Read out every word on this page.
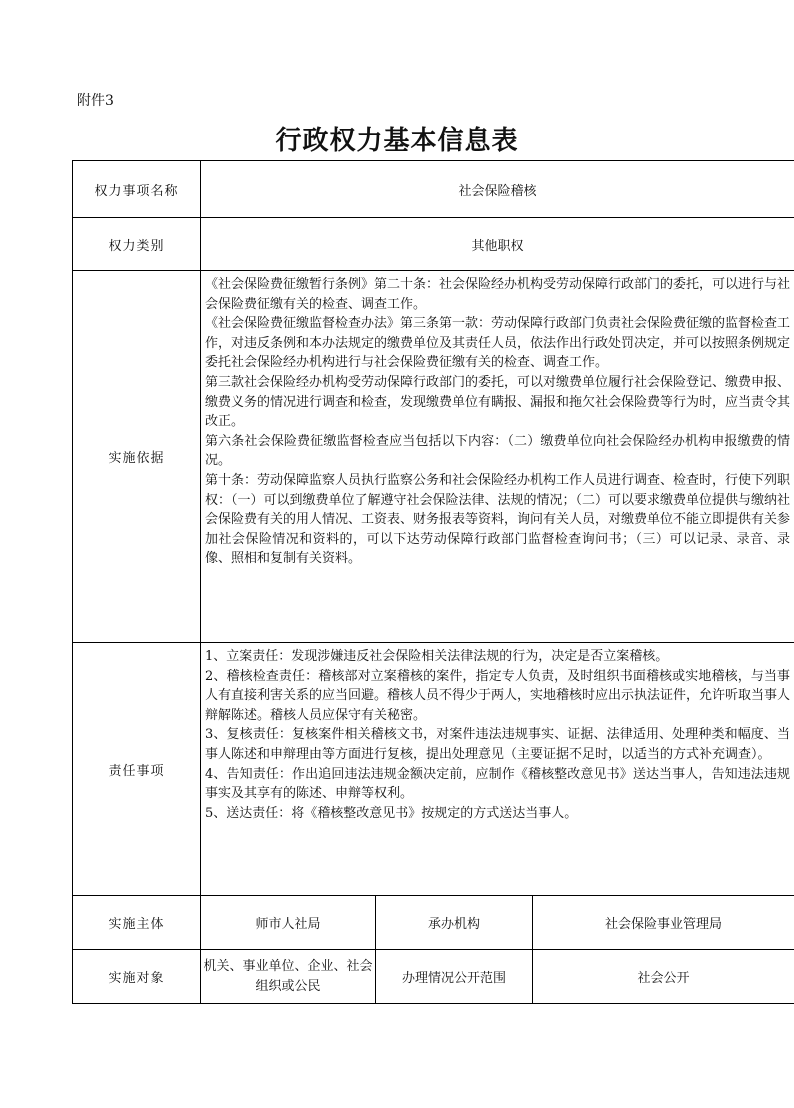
附件3
行政权力基本信息表
权力事项名称	社会保险稽核		
权力类别	其他职权		
实施依据	《社会保险费征缴暂行条例》第二十条：社会保险经办机构受劳动保障行政部门的委托，可以进行与社会保险费征缴有关的检查、调查工作。
《社会保险费征缴监督检查办法》第三条第一款：劳动保障行政部门负责社会保险费征缴的监督检查工作，对违反条例和本办法规定的缴费单位及其责任人员，依法作出行政处罚决定，并可以按照条例规定委托社会保险经办机构进行与社会保险费征缴有关的检查、调查工作。
第三款社会保险经办机构受劳动保障行政部门的委托，可以对缴费单位履行社会保险登记、缴费申报、缴费义务的情况进行调查和检查，发现缴费单位有瞒报、漏报和拖欠社会保险费等行为时，应当责令其改正。
第六条社会保险费征缴监督检查应当包括以下内容：（二）缴费单位向社会保险经办机构申报缴费的情况。
第十条：劳动保障监察人员执行监察公务和社会保险经办机构工作人员进行调查、检查时，行使下列职权：（一）可以到缴费单位了解遵守社会保险法律、法规的情况；（二）可以要求缴费单位提供与缴纳社会保险费有关的用人情况、工资表、财务报表等资料，询问有关人员，对缴费单位不能立即提供有关参加社会保险情况和资料的，可以下达劳动保障行政部门监督检查询问书；（三）可以记录、录音、录像、照相和复制有关资料。		

责任事项	1、立案责任：发现涉嫌违反社会保险相关法律法规的行为，决定是否立案稽核。
2、稽核检查责任：稽核部对立案稽核的案件，指定专人负责，及时组织书面稽核或实地稽核，与当事人有直接利害关系的应当回避。稽核人员不得少于两人，实地稽核时应出示执法证件，允许听取当事人辩解陈述。稽核人员应保守有关秘密。
3、复核责任：复核案件相关稽核文书，对案件违法违规事实、证据、法律适用、处理种类和幅度、当事人陈述和申辩理由等方面进行复核，提出处理意见（主要证据不足时，以适当的方式补充调查）。
4、告知责任：作出追回违法违规金额决定前，应制作《稽核整改意见书》送达当事人，告知违法违规事实及其享有的陈述、申辩等权利。
5、送达责任：将《稽核整改意见书》按规定的方式送达当事人。		

实施主体	师市人社局	承办机构	社会保险事业管理局
实施对象	机关、事业单位、企业、社会组织或公民	办理情况公开范围	社会公开
